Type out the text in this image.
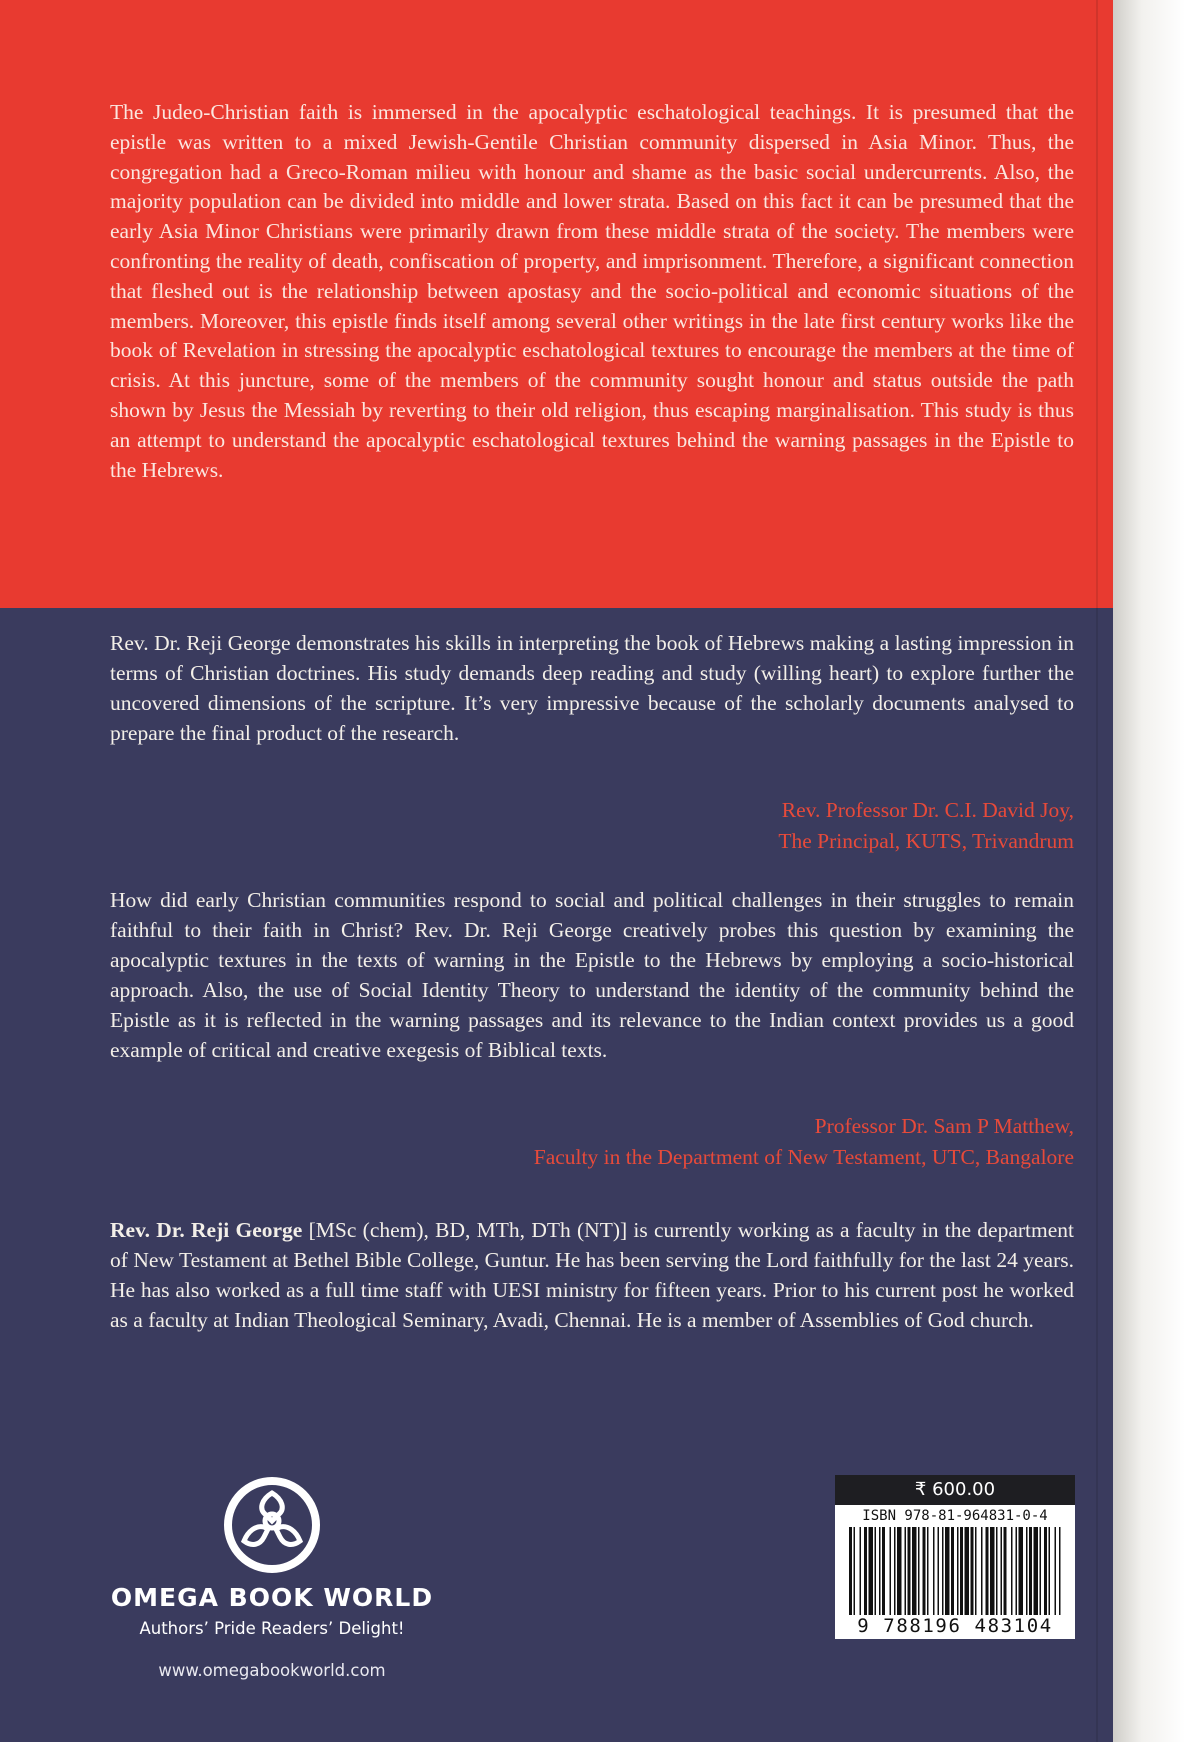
The Judeo-Christian faith is immersed in the apocalyptic eschatological teachings. It is presumed that the epistle was written to a mixed Jewish-Gentile Christian community dispersed in Asia Minor. Thus, the congregation had a Greco-Roman milieu with honour and shame as the basic social undercurrents. Also, the majority population can be divided into middle and lower strata. Based on this fact it can be presumed that the early Asia Minor Christians were primarily drawn from these middle strata of the society. The members were confronting the reality of death, confiscation of property, and imprisonment. Therefore, a significant connection that fleshed out is the relationship between apostasy and the socio-political and economic situations of the members. Moreover, this epistle finds itself among several other writings in the late first century works like the book of Revelation in stressing the apocalyptic eschatological textures to encourage the members at the time of crisis. At this juncture, some of the members of the community sought honour and status outside the path shown by Jesus the Messiah by reverting to their old religion, thus escaping marginalisation. This study is thus an attempt to understand the apocalyptic eschatological textures behind the warning passages in the Epistle to the Hebrews.

Rev. Dr. Reji George demonstrates his skills in interpreting the book of Hebrews making a lasting impression in terms of Christian doctrines. His study demands deep reading and study (willing heart) to explore further the uncovered dimensions of the scripture. It’s very impressive because of the scholarly documents analysed to prepare the final product of the research.

Rev. Professor Dr. C.I. David Joy,
The Principal, KUTS, Trivandrum

How did early Christian communities respond to social and political challenges in their struggles to remain faithful to their faith in Christ? Rev. Dr. Reji George creatively probes this question by examining the apocalyptic textures in the texts of warning in the Epistle to the Hebrews by employing a socio-historical approach. Also, the use of Social Identity Theory to understand the identity of the community behind the Epistle as it is reflected in the warning passages and its relevance to the Indian context provides us a good example of critical and creative exegesis of Biblical texts.

Professor Dr. Sam P Matthew,
Faculty in the Department of New Testament, UTC, Bangalore

Rev. Dr. Reji George [MSc (chem), BD, MTh, DTh (NT)] is currently working as a faculty in the department of New Testament at Bethel Bible College, Guntur. He has been serving the Lord faithfully for the last 24 years. He has also worked as a full time staff with UESI ministry for fifteen years. Prior to his current post he worked as a faculty at Indian Theological Seminary, Avadi, Chennai. He is a member of Assemblies of God church.

OMEGA BOOK WORLD
Authors’ Pride Readers’ Delight!
www.omegabookworld.com
₹ 600.00
ISBN 978-81-964831-0-4
9 788196 483104
